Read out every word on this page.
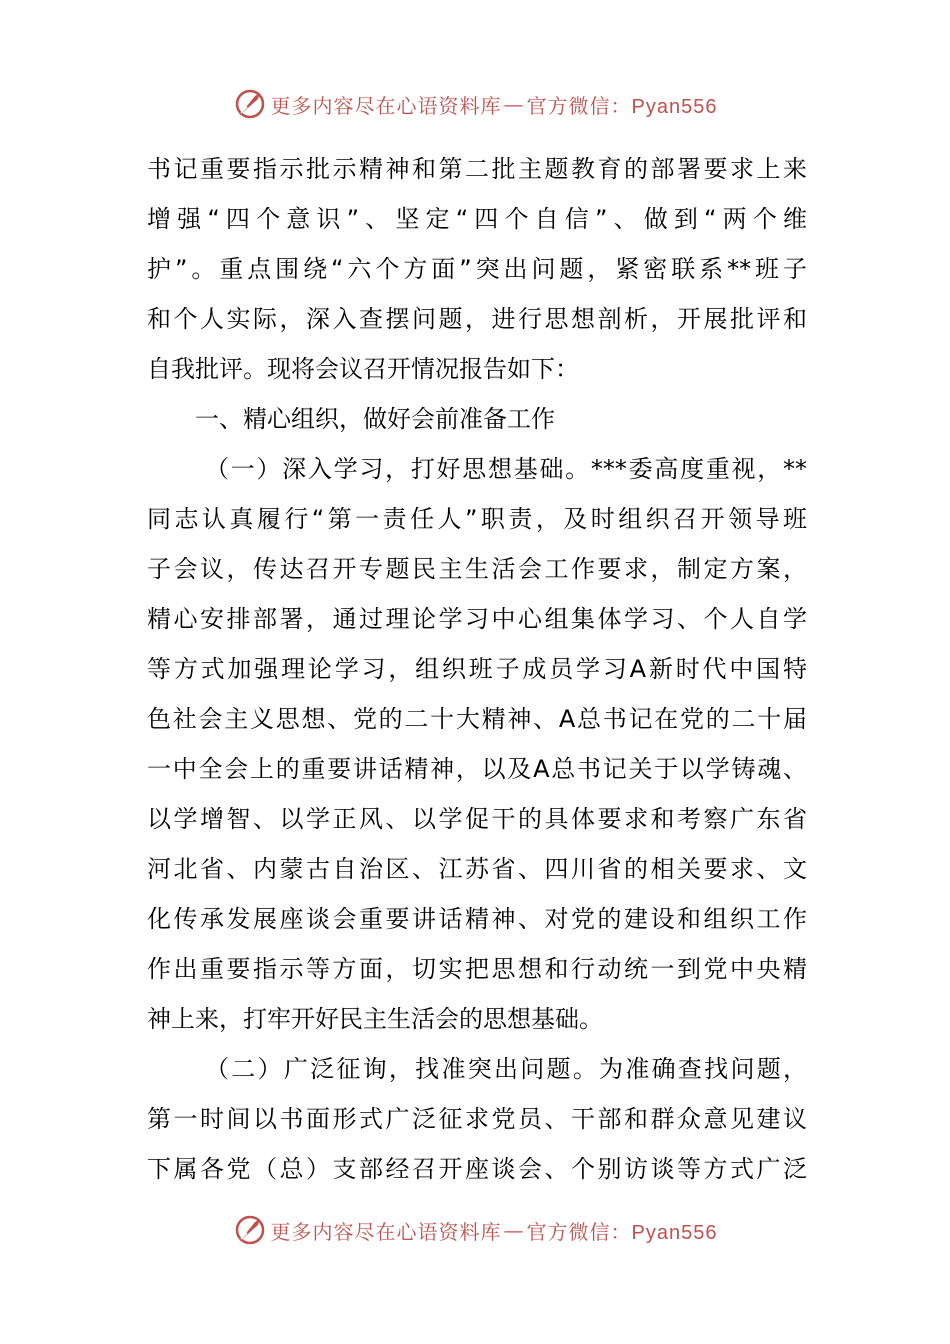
更多内容尽在心语资料库 — 官方微信：Pyan556
书记重要指示批示精神和第二批主题教育的部署要求上来
增强“四个意识”、坚定“四个自信”、做到“两个维
护”。重点围绕“六个方面”突出问题，紧密联系**班子
和个人实际，深入查摆问题，进行思想剖析，开展批评和
自我批评。现将会议召开情况报告如下：
一、精心组织，做好会前准备工作
（一）深入学习，打好思想基础。***委高度重视，**
同志认真履行“第一责任人”职责，及时组织召开领导班
子会议，传达召开专题民主生活会工作要求，制定方案，
精心安排部署，通过理论学习中心组集体学习、个人自学
等方式加强理论学习，组织班子成员学习A新时代中国特
色社会主义思想、党的二十大精神、A总书记在党的二十届
一中全会上的重要讲话精神，以及A总书记关于以学铸魂、
以学增智、以学正风、以学促干的具体要求和考察广东省
河北省、内蒙古自治区、江苏省、四川省的相关要求、文
化传承发展座谈会重要讲话精神、对党的建设和组织工作
作出重要指示等方面，切实把思想和行动统一到党中央精
神上来，打牢开好民主生活会的思想基础。
（二）广泛征询，找准突出问题。为准确查找问题，
第一时间以书面形式广泛征求党员、干部和群众意见建议
下属各党（总）支部经召开座谈会、个别访谈等方式广泛
更多内容尽在心语资料库 — 官方微信：Pyan556
